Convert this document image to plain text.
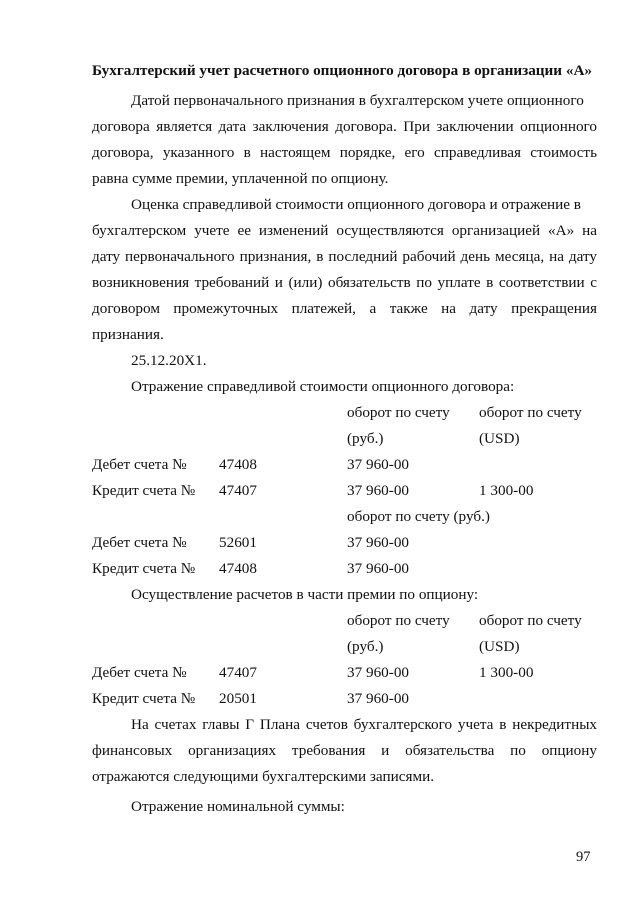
Бухгалтерский учет расчетного опционного договора в организации «А»
Датой первоначального признания в бухгалтерском учете опционного
договора является дата заключения договора. При заключении опционного
договора, указанного в настоящем порядке, его справедливая стоимость
равна сумме премии, уплаченной по опциону.
Оценка справедливой стоимости опционного договора и отражение в
бухгалтерском учете ее изменений осуществляются организацией «А» на
дату первоначального признания, в последний рабочий день месяца, на дату
возникновения требований и (или) обязательств по уплате в соответствии с
договором промежуточных платежей, а также на дату прекращения
признания.
25.12.20Х1.
Отражение справедливой стоимости опционного договора:
оборот по счету оборот по счету
(руб.)	(USD)
Дебет счета № 47408	37 960-00
Кредит счета № 47407	37 960-00	1 300-00
оборот по счету (руб.)
Дебет счета № 52601	37 960-00
Кредит счета № 47408	37 960-00
Осуществление расчетов в части премии по опциону:
оборот по счету оборот по счету
(руб.)	(USD)
Дебет счета № 47407	37 960-00	1 300-00
Кредит счета № 20501	37 960-00
На счетах главы Г Плана счетов бухгалтерского учета в некредитных
финансовых организациях требования и обязательства по опциону
отражаются следующими бухгалтерскими записями.
Отражение номинальной суммы:
97
